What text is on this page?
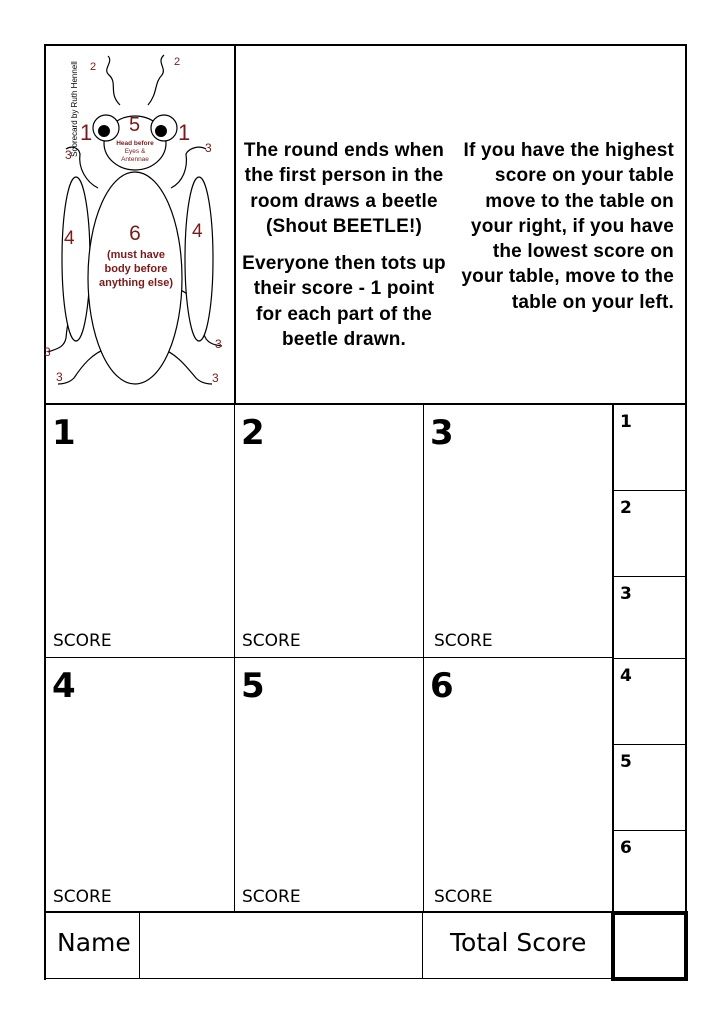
Scorecard by Ruth Hennell 2	2
5
1	1
Head before
Eyes &
Antennae
3	3
4	4
6
(must have
body before
anything else)
3
3
3	3

The round ends when the first person in the room draws a beetle (Shout BEETLE!)

Everyone then tots up their score - 1 point for each part of the beetle drawn.

If you have the highest score on your table move to the table on your right, if you have the lowest score on your table, move to the table on your left.
1
SCORE
2
SCORE
3
SCORE
4
SCORE
5
SCORE
6
SCORE
1
2
3
4
5
6
Name	Total Score
